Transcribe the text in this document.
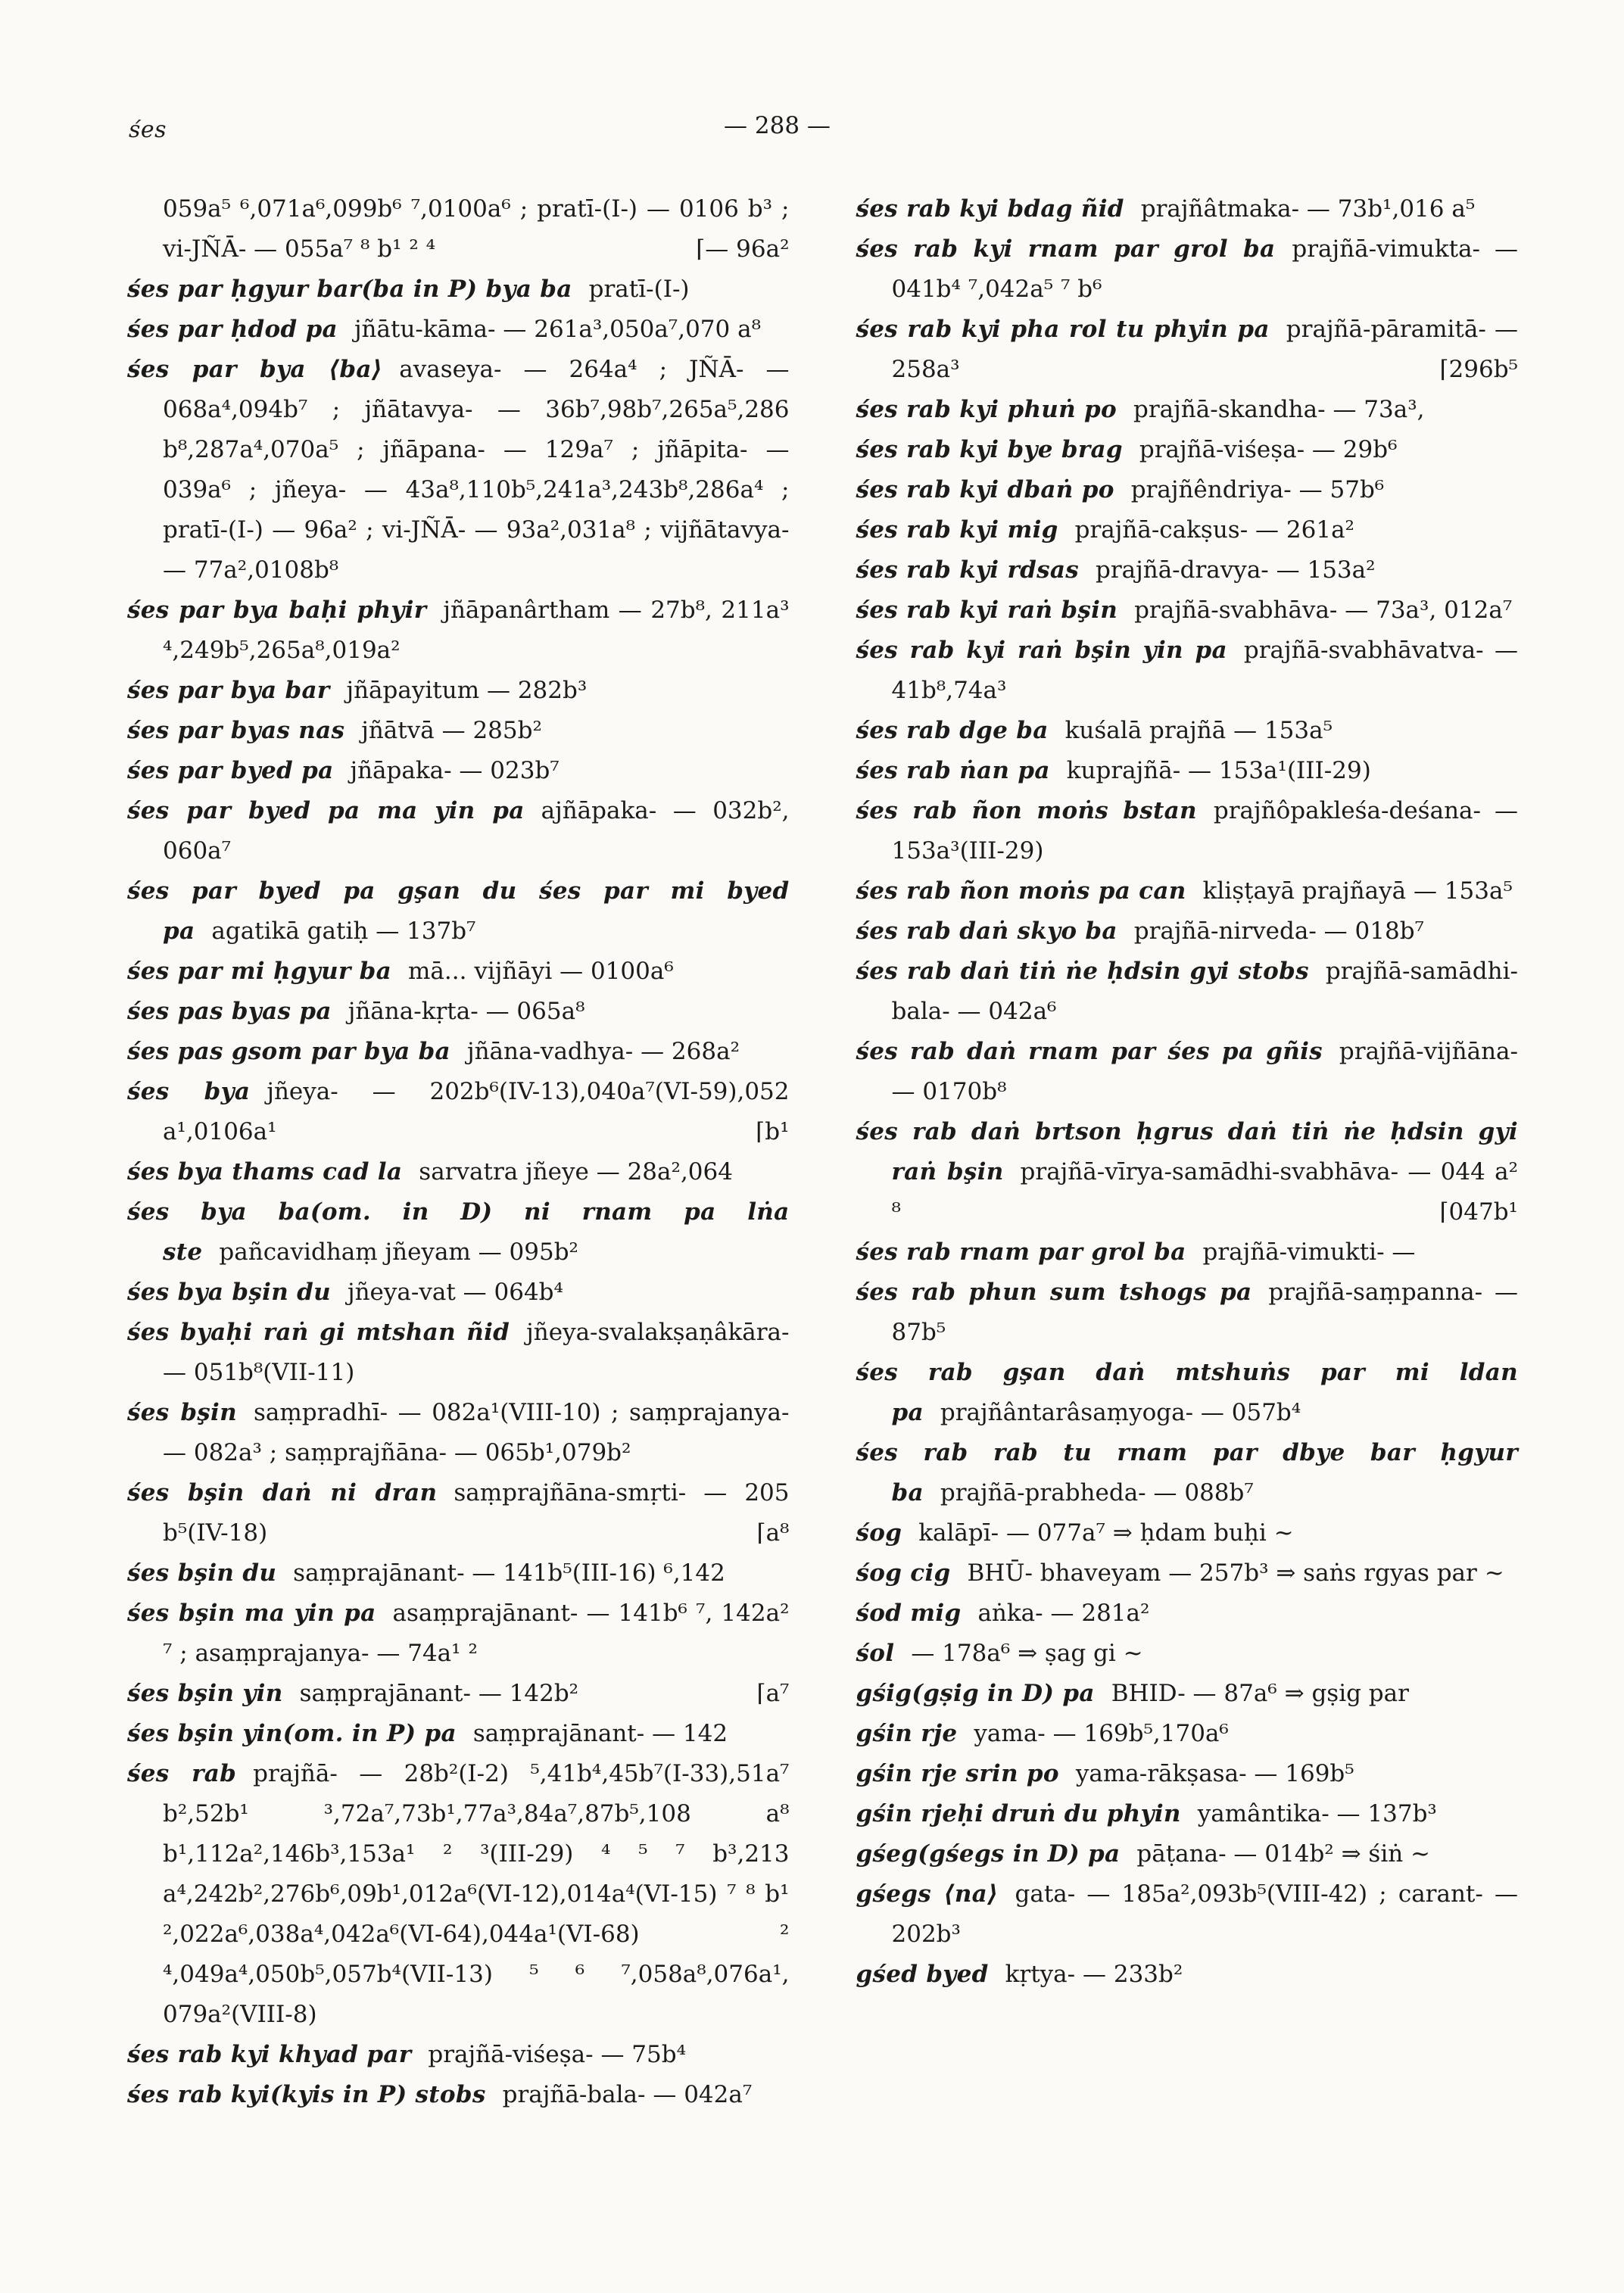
śes	— 288 —
059a⁵ ⁶,071a⁶,099b⁶ ⁷,0100a⁶ ; pratī-(I-) — 0106 b³ ; vi-JÑĀ- — 055a⁷ ⁸ b¹ ² ⁴	⌈— 96a²
śes par ḥgyur bar(ba in P) bya ba pratī-(I-)
śes par ḥdod pa jñātu-kāma- — 261a³,050a⁷,070 a⁸
śes par bya ⟨ba⟩ avaseya- — 264a⁴ ; JÑĀ- — 068a⁴,094b⁷ ; jñātavya- — 36b⁷,98b⁷,265a⁵,286 b⁸,287a⁴,070a⁵ ; jñāpana- — 129a⁷ ; jñāpita- — 039a⁶ ; jñeya- — 43a⁸,110b⁵,241a³,243b⁸,286a⁴ ; pratī-(I-) — 96a² ; vi-JÑĀ- — 93a²,031a⁸ ; vijñātavya- — 77a²,0108b⁸
śes par bya baḥi phyir jñāpanârtham — 27b⁸, 211a³ ⁴,249b⁵,265a⁸,019a²
śes par bya bar jñāpayitum — 282b³
śes par byas nas jñātvā — 285b²
śes par byed pa jñāpaka- — 023b⁷
śes par byed pa ma yin pa ajñāpaka- — 032b², 060a⁷
śes par byed pa gşan du śes par mi byed pa agatikā gatiḥ — 137b⁷
śes par mi ḥgyur ba mā... vijñāyi — 0100a⁶
śes pas byas pa jñāna-kṛta- — 065a⁸
śes pas gsom par bya ba jñāna-vadhya- — 268a²
śes bya jñeya- — 202b⁶(IV-13),040a⁷(VI-59),052 a¹,0106a¹	⌈b¹
śes bya thams cad la sarvatra jñeye — 28a²,064
śes bya ba(om. in D) ni rnam pa lṅa ste pañcavidhaṃ jñeyam — 095b²
śes bya bşin du jñeya-vat — 064b⁴
śes byaḥi raṅ gi mtshan ñid jñeya-svalakṣaṇâkāra- — 051b⁸(VII-11)
śes bşin saṃpradhī- — 082a¹(VIII-10) ; saṃprajanya- — 082a³ ; saṃprajñāna- — 065b¹,079b²
śes bşin daṅ ni dran saṃprajñāna-smṛti- — 205 b⁵(IV-18)	⌈a⁸
śes bşin du saṃprajānant- — 141b⁵(III-16) ⁶,142
śes bşin ma yin pa asaṃprajānant- — 141b⁶ ⁷, 142a² ⁷ ; asaṃprajanya- — 74a¹ ²
śes bşin yin saṃprajānant- — 142b²	⌈a⁷
śes bşin yin(om. in P) pa saṃprajānant- — 142
śes rab prajñā- — 28b²(I-2) ⁵,41b⁴,45b⁷(I-33),51a⁷ b²,52b¹ ³,72a⁷,73b¹,77a³,84a⁷,87b⁵,108 a⁸ b¹,112a²,146b³,153a¹ ² ³(III-29) ⁴ ⁵ ⁷ b³,213 a⁴,242b²,276b⁶,09b¹,012a⁶(VI-12),014a⁴(VI-15) ⁷ ⁸ b¹ ²,022a⁶,038a⁴,042a⁶(VI-64),044a¹(VI-68) ² ⁴,049a⁴,050b⁵,057b⁴(VII-13) ⁵ ⁶ ⁷,058a⁸,076a¹, 079a²(VIII-8)
śes rab kyi khyad par prajñā-viśeṣa- — 75b⁴
śes rab kyi(kyis in P) stobs prajñā-bala- — 042a⁷
śes rab kyi bdag ñid prajñâtmaka- — 73b¹,016 a⁵
śes rab kyi rnam par grol ba prajñā-vimukta- — 041b⁴ ⁷,042a⁵ ⁷ b⁶
śes rab kyi pha rol tu phyin pa prajñā-pāramitā- — 258a³	⌈296b⁵
śes rab kyi phuṅ po prajñā-skandha- — 73a³,
śes rab kyi bye brag prajñā-viśeṣa- — 29b⁶
śes rab kyi dbaṅ po prajñêndriya- — 57b⁶
śes rab kyi mig prajñā-cakṣus- — 261a²
śes rab kyi rdsas prajñā-dravya- — 153a²
śes rab kyi raṅ bşin prajñā-svabhāva- — 73a³, 012a⁷
śes rab kyi raṅ bşin yin pa prajñā-svabhāvatva- — 41b⁸,74a³
śes rab dge ba kuśalā prajñā — 153a⁵
śes rab ṅan pa kuprajñā- — 153a¹(III-29)
śes rab ñon moṅs bstan prajñôpakleśa-deśana- — 153a³(III-29)
śes rab ñon moṅs pa can kliṣṭayā prajñayā — 153a⁵
śes rab daṅ skyo ba prajñā-nirveda- — 018b⁷
śes rab daṅ tiṅ ṅe ḥdsin gyi stobs prajñā-samādhi-bala- — 042a⁶
śes rab daṅ rnam par śes pa gñis prajñā-vijñāna- — 0170b⁸
śes rab daṅ brtson ḥgrus daṅ tiṅ ṅe ḥdsin gyi raṅ bşin prajñā-vīrya-samādhi-svabhāva- — 044 a² ⁸	⌈047b¹
śes rab rnam par grol ba prajñā-vimukti- —
śes rab phun sum tshogs pa prajñā-saṃpanna- — 87b⁵
śes rab gşan daṅ mtshuṅs par mi ldan pa prajñântarâsaṃyoga- — 057b⁴
śes rab rab tu rnam par dbye bar ḥgyur ba prajñā-prabheda- — 088b⁷
śog kalāpī- — 077a⁷ ⇒ ḥdam buḥi ~
śog cig BHŪ- bhaveyam — 257b³ ⇒ saṅs rgyas par ~
śod mig aṅka- — 281a²
śol — 178a⁶ ⇒ ṣag gi ~
gśig(gṣig in D) pa BHID- — 87a⁶ ⇒ gṣig par
gśin rje yama- — 169b⁵,170a⁶
gśin rje srin po yama-rākṣasa- — 169b⁵
gśin rjeḥi druṅ du phyin yamântika- — 137b³
gśeg(gśegs in D) pa pāṭana- — 014b² ⇒ śiṅ ~
gśegs ⟨na⟩ gata- — 185a²,093b⁵(VIII-42) ; carant- — 202b³
gśed byed kṛtya- — 233b²
